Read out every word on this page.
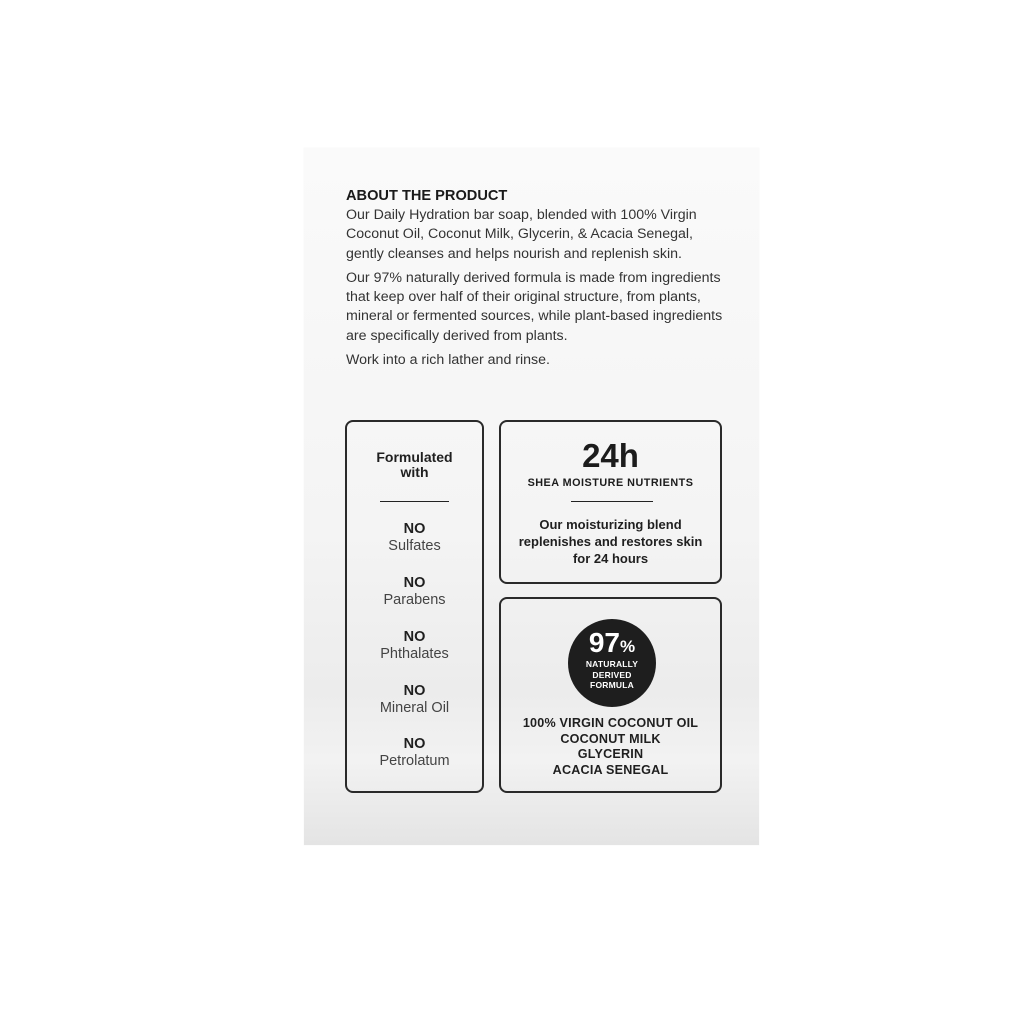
ABOUT THE PRODUCT

Our Daily Hydration bar soap, blended with 100% Virgin Coconut Oil, Coconut Milk, Glycerin, & Acacia Senegal, gently cleanses and helps nourish and replenish skin.

Our 97% naturally derived formula is made from ingredients that keep over half of their original structure, from plants, mineral or fermented sources, while plant-based ingredients are specifically derived from plants.

Work into a rich lather and rinse.

Formulated with
NO
Sulfates
NO
Parabens
NO
Phthalates
NO
Mineral Oil
NO
Petrolatum
24h
SHEA MOISTURE NUTRIENTS
Our moisturizing blend replenishes and restores skin for 24 hours
97%
NATURALLY
DERIVED
FORMULA
100% VIRGIN COCONUT OIL
COCONUT MILK
GLYCERIN
ACACIA SENEGAL
